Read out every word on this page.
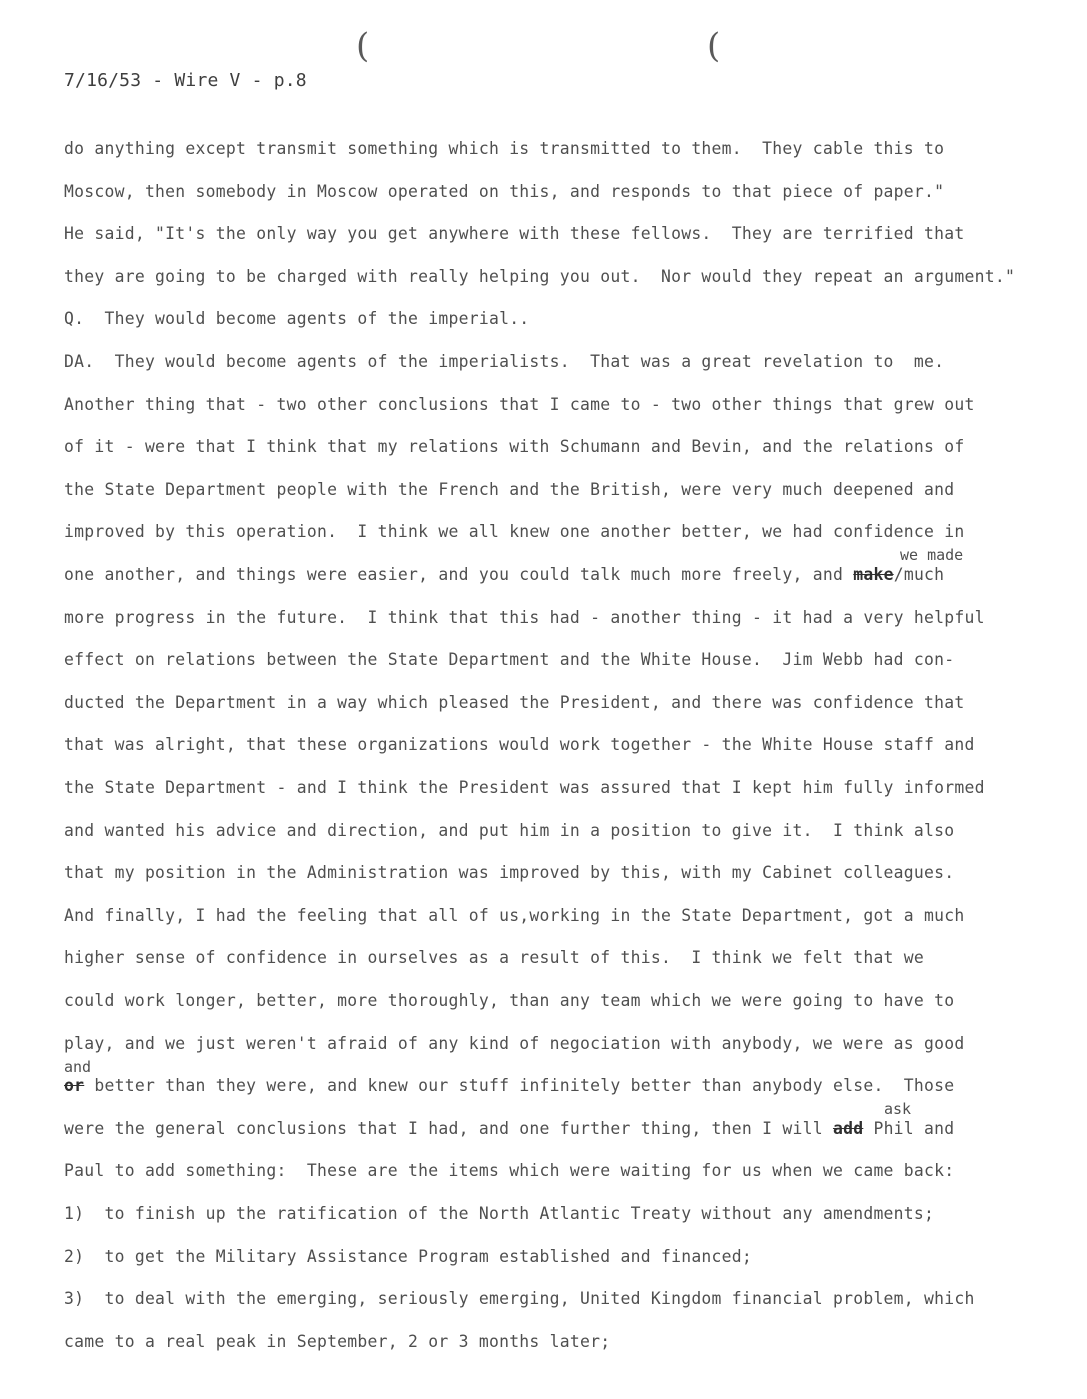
(	(
7/16/53 - Wire V - p.8
do anything except transmit something which is transmitted to them.  They cable this to
Moscow, then somebody in Moscow operated on this, and responds to that piece of paper."
He said, "It's the only way you get anywhere with these fellows.  They are terrified that
they are going to be charged with really helping you out.  Nor would they repeat an argument."
Q.  They would become agents of the imperial..
DA.  They would become agents of the imperialists.  That was a great revelation to  me.
Another thing that - two other conclusions that I came to - two other things that grew out
of it - were that I think that my relations with Schumann and Bevin, and the relations of
the State Department people with the French and the British, were very much deepened and
improved by this operation.  I think we all knew one another better, we had confidence in
one another, and things were easier, and you could talk much more freely, and make/much
more progress in the future.  I think that this had - another thing - it had a very helpful
effect on relations between the State Department and the White House.  Jim Webb had con-
ducted the Department in a way which pleased the President, and there was confidence that
that was alright, that these organizations would work together - the White House staff and
the State Department - and I think the President was assured that I kept him fully informed
and wanted his advice and direction, and put him in a position to give it.  I think also
that my position in the Administration was improved by this, with my Cabinet colleagues.
And finally, I had the feeling that all of us,working in the State Department, got a much
higher sense of confidence in ourselves as a result of this.  I think we felt that we
could work longer, better, more thoroughly, than any team which we were going to have to
play, and we just weren't afraid of any kind of negociation with anybody, we were as good
or better than they were, and knew our stuff infinitely better than anybody else.  Those
were the general conclusions that I had, and one further thing, then I will add Phil and
Paul to add something:  These are the items which were waiting for us when we came back:
1)  to finish up the ratification of the North Atlantic Treaty without any amendments;
2)  to get the Military Assistance Program established and financed;
3)  to deal with the emerging, seriously emerging, United Kingdom financial problem, which
came to a real peak in September, 2 or 3 months later;
we made
and
ask
